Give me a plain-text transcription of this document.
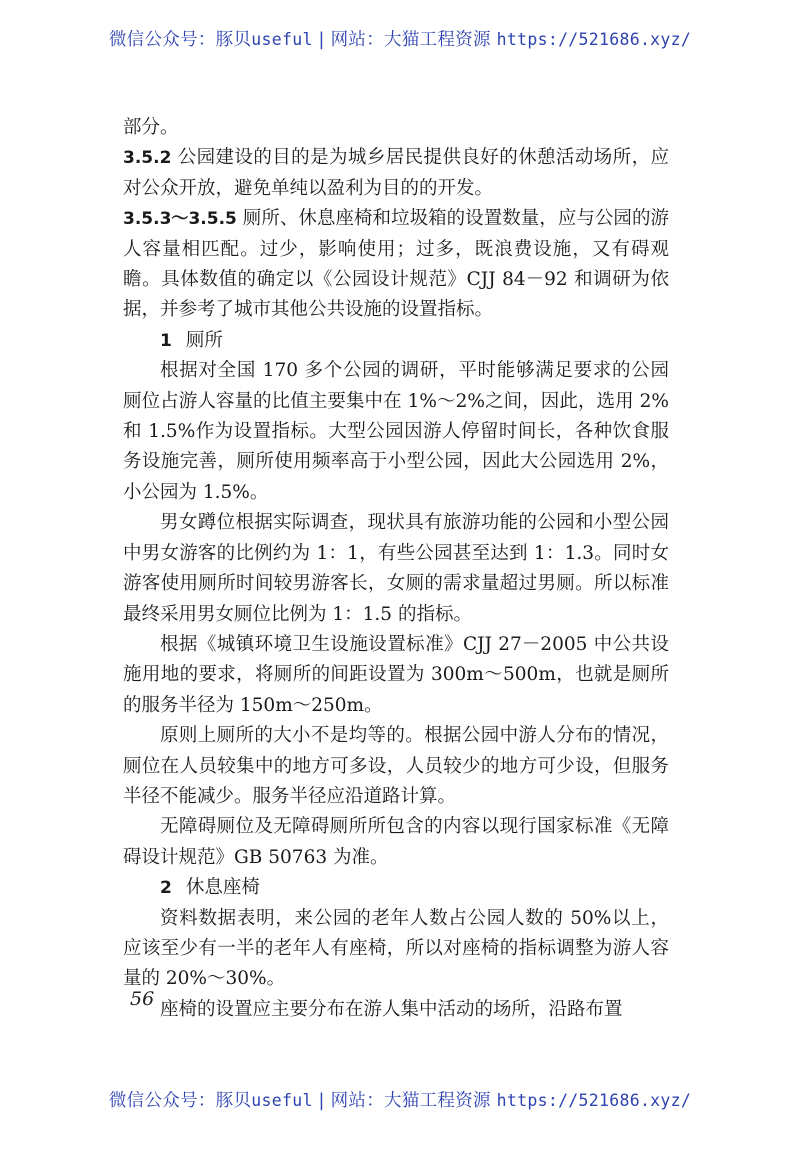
微信公众号：豚贝useful | 网站：大猫工程资源 https://521686.xyz/

部分。

3.5.2 公园建设的目的是为城乡居民提供良好的休憩活动场所，应对公众开放，避免单纯以盈利为目的的开发。

3.5.3～3.5.5 厕所、休息座椅和垃圾箱的设置数量，应与公园的游人容量相匹配。过少，影响使用；过多，既浪费设施，又有碍观瞻。具体数值的确定以《公园设计规范》CJJ 84－92 和调研为依据，并参考了城市其他公共设施的设置指标。

1 厕所

根据对全国 170 多个公园的调研，平时能够满足要求的公园厕位占游人容量的比值主要集中在 1%～2%之间，因此，选用 2%和 1.5%作为设置指标。大型公园因游人停留时间长，各种饮食服务设施完善，厕所使用频率高于小型公园，因此大公园选用 2%，小公园为 1.5%。

男女蹲位根据实际调查，现状具有旅游功能的公园和小型公园中男女游客的比例约为 1：1，有些公园甚至达到 1：1.3。同时女游客使用厕所时间较男游客长，女厕的需求量超过男厕。所以标准最终采用男女厕位比例为 1：1.5 的指标。

根据《城镇环境卫生设施设置标准》CJJ 27－2005 中公共设施用地的要求，将厕所的间距设置为 300m～500m，也就是厕所的服务半径为 150m～250m。

原则上厕所的大小不是均等的。根据公园中游人分布的情况，厕位在人员较集中的地方可多设，人员较少的地方可少设，但服务半径不能减少。服务半径应沿道路计算。

无障碍厕位及无障碍厕所所包含的内容以现行国家标准《无障碍设计规范》GB 50763 为准。

2 休息座椅

资料数据表明，来公园的老年人数占公园人数的 50%以上，应该至少有一半的老年人有座椅，所以对座椅的指标调整为游人容量的 20%～30%。

座椅的设置应主要分布在游人集中活动的场所，沿路布置

56
微信公众号：豚贝useful | 网站：大猫工程资源 https://521686.xyz/
